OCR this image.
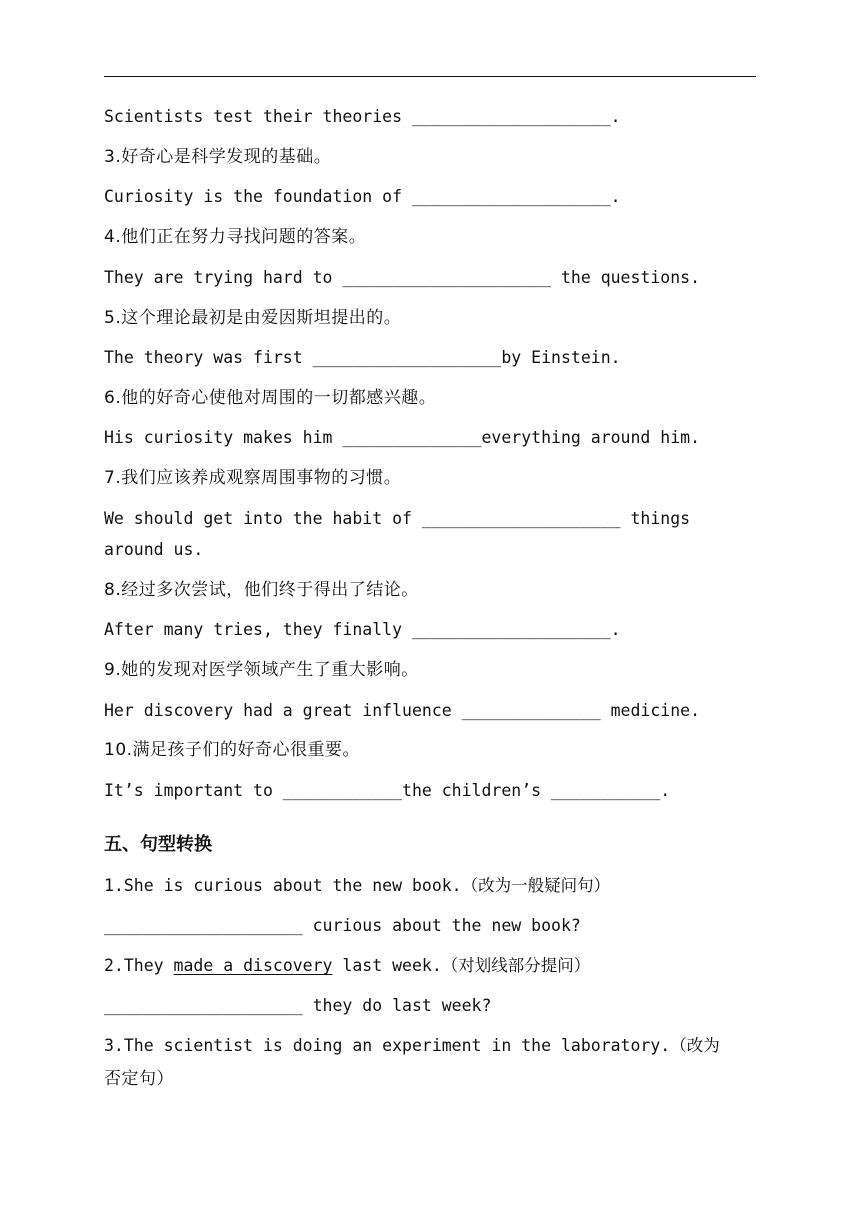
Scientists test their theories ____________________.
3.好奇心是科学发现的基础。
Curiosity is the foundation of ____________________.
4.他们正在努力寻找问题的答案。
They are trying hard to _____________________ the questions.
5.这个理论最初是由爱因斯坦提出的。
The theory was first ___________________by Einstein.
6.他的好奇心使他对周围的一切都感兴趣。
His curiosity makes him ______________everything around him.
7.我们应该养成观察周围事物的习惯。
We should get into the habit of ____________________ things
around us.
8.经过多次尝试，他们终于得出了结论。
After many tries, they finally ____________________.
9.她的发现对医学领域产生了重大影响。
Her discovery had a great influence ______________ medicine.
10.满足孩子们的好奇心很重要。
It’s important to ____________the children’s ___________.
五、句型转换
1.She is curious about the new book.（改为一般疑问句）
____________________ curious about the new book?
2.They made a discovery last week.（对划线部分提问）
____________________ they do last week?
3.The scientist is doing an experiment in the laboratory.（改为
否定句）
